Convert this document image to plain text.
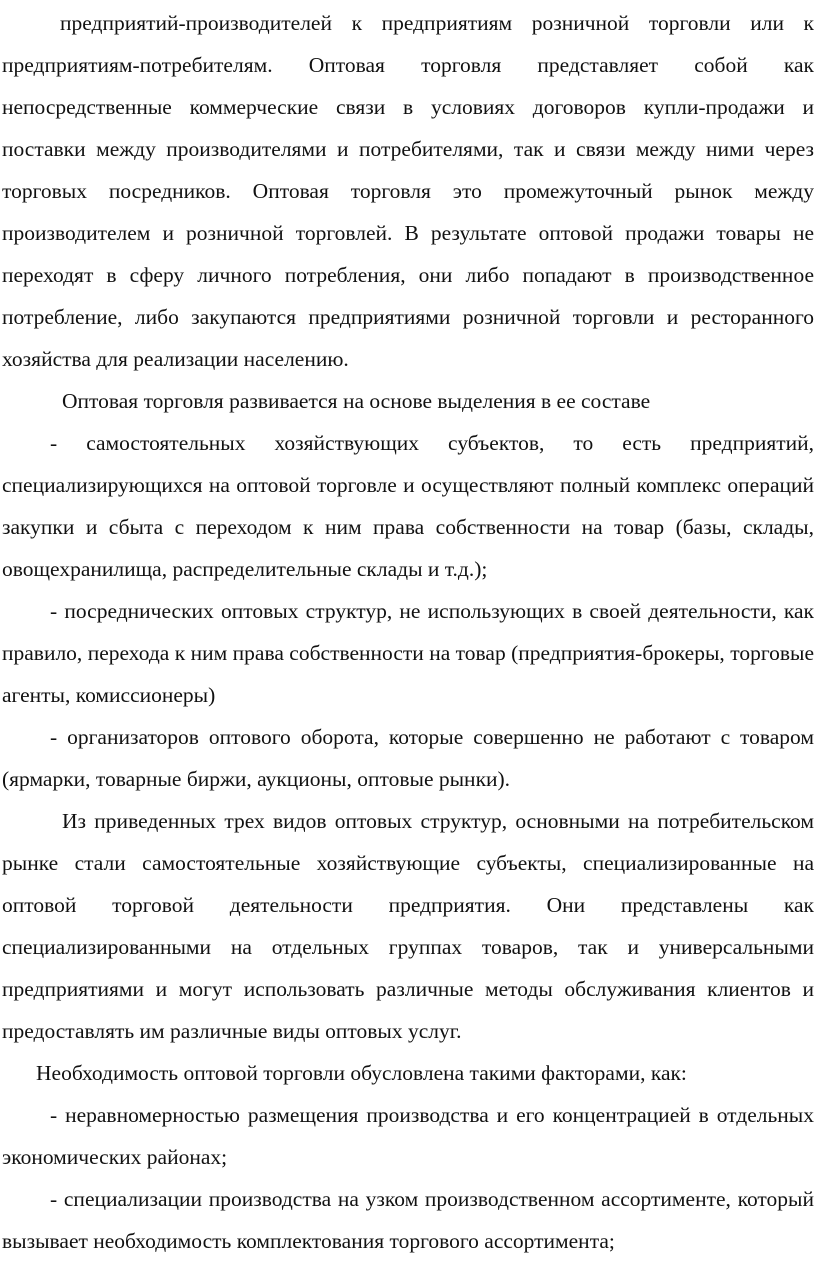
предприятий-производителей к предприятиям розничной торговли или к предприятиям-потребителям. Оптовая торговля представляет собой как непосредственные коммерческие связи в условиях договоров купли-продажи и поставки между производителями и потребителями, так и связи между ними через торговых посредников. Оптовая торговля это промежуточный рынок между производителем и розничной торговлей. В результате оптовой продажи товары не переходят в сферу личного потребления, они либо попадают в производственное потребление, либо закупаются предприятиями розничной торговли и ресторанного хозяйства для реализации населению.

Оптовая торговля развивается на основе выделения в ее составе

- самостоятельных хозяйствующих субъектов, то есть предприятий, специализирующихся на оптовой торговле и осуществляют полный комплекс операций закупки и сбыта с переходом к ним права собственности на товар (базы, склады, овощехранилища, распределительные склады и т.д.);

- посреднических оптовых структур, не использующих в своей деятельности, как правило, перехода к ним права собственности на товар (предприятия-брокеры, торговые агенты, комиссионеры)

- организаторов оптового оборота, которые совершенно не работают с товаром (ярмарки, товарные биржи, аукционы, оптовые рынки).

Из приведенных трех видов оптовых структур, основными на потребительском рынке стали самостоятельные хозяйствующие субъекты, специализированные на оптовой торговой деятельности предприятия. Они представлены как специализированными на отдельных группах товаров, так и универсальными предприятиями и могут использовать различные методы обслуживания клиентов и предоставлять им различные виды оптовых услуг.

Необходимость оптовой торговли обусловлена такими факторами, как:

- неравномерностью размещения производства и его концентрацией в отдельных экономических районах;

- специализации производства на узком производственном ассортименте, который вызывает необходимость комплектования торгового ассортимента;
